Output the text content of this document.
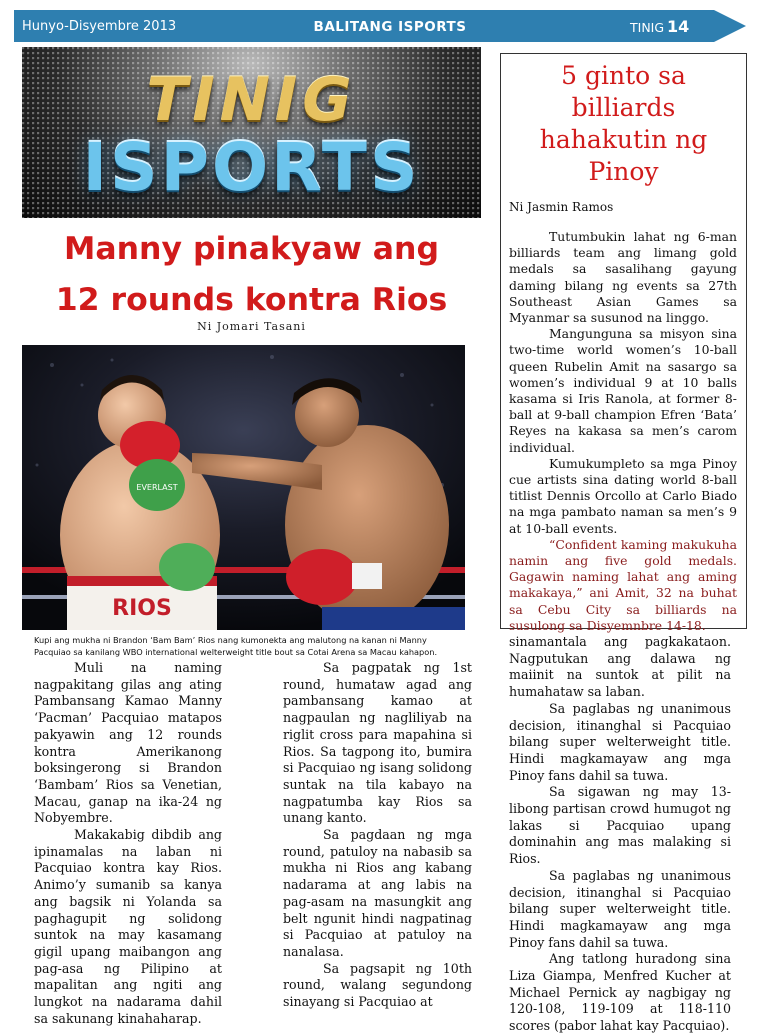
Hunyo-Disyembre 2013	BALITANG ISPORTS	TINIG 14
TINIG
ISPORTS
Manny pinakyaw ang
12 rounds kontra Rios
Ni Jomari Tasani
RIOS
EVERLAST
Kupi ang mukha ni Brandon ‘Bam Bam’ Rios nang kumonekta ang malutong na kanan ni Manny Pacquiao sa kanilang WBO international welterweight title bout sa Cotai Arena sa Macau kahapon.

Muli na naming nagpakitang gilas ang ating Pambansang Kamao Manny ‘Pacman’ Pacquiao matapos pakyawin ang 12 rounds kontra Amerikanong boksingerong si Brandon ‘Bambam’ Rios sa Venetian, Macau, ganap na ika-24 ng Nobyembre.

Makakabig dibdib ang ipinamalas na laban ni Pacquiao kontra kay Rios. Animo’y sumanib sa kanya ang bagsik ni Yolanda sa paghagupit ng solidong suntok na may kasamang gigil upang maibangon ang pag-asa ng Pilipino at mapalitan ang ngiti ang lungkot na nadarama dahil sa sakunang kinahaharap.

Sa pagpatak ng 1st round, humataw agad ang pambansang kamao at nagpaulan ng nagliliyab na riglit cross para mapahina si Rios. Sa tagpong ito, bumira si Pacquiao ng isang solidong suntak na tila kabayo na nagpatumba kay Rios sa unang kanto.

Sa pagdaan ng mga round, patuloy na nabasib sa mukha ni Rios ang kabang nadarama at ang labis na pag-asam na masungkit ang belt ngunit hindi nagpatinag si Pacquiao at patuloy na nanalasa.

Sa pagsapit ng 10th round, walang segundong sinayang si Pacquiao at

sinamantala ang pagkakataon. Nagputukan ang dalawa ng maiinit na suntok at pilit na humahataw sa laban.

Sa paglabas ng unanimous decision, itinanghal si Pacquiao bilang super welterweight title. Hindi magkamayaw ang mga Pinoy fans dahil sa tuwa.

Sa sigawan ng may 13-libong partisan crowd humugot ng lakas si Pacquiao upang dominahin ang mas malaking si Rios.

Sa paglabas ng unanimous decision, itinanghal si Pacquiao bilang super welterweight title. Hindi magkamayaw ang mga Pinoy fans dahil sa tuwa.

Ang tatlong huradong sina Liza Giampa, Menfred Kucher at Michael Pernick ay nagbigay ng 120-108, 119-109 at 118-110 scores (pabor lahat kay Pacquiao).

5 ginto sa
billiards
hahakutin ng
Pinoy
Ni Jasmin Ramos

Tutumbukin lahat ng 6-man billiards team ang limang gold medals sa sasalihang gayung daming bilang ng events sa 27th Southeast Asian Games sa Myanmar sa susunod na linggo.

Mangunguna sa misyon sina two-time world women’s 10-ball queen Rubelin Amit na sasargo sa women’s individual 9 at 10 balls kasama si Iris Ranola, at former 8-ball at 9-ball champion Efren ‘Bata’ Reyes na kakasa sa men’s carom individual.

Kumukumpleto sa mga Pinoy cue artists sina dating world 8-ball titlist Dennis Orcollo at Carlo Biado na mga pambato naman sa men’s 9 at 10-ball events.

“Confident kaming makukuha namin ang five gold medals. Gagawin naming lahat ang aming makakaya,” ani Amit, 32 na buhat sa Cebu City sa billiards na susulong sa Disyemnbre 14-18.
